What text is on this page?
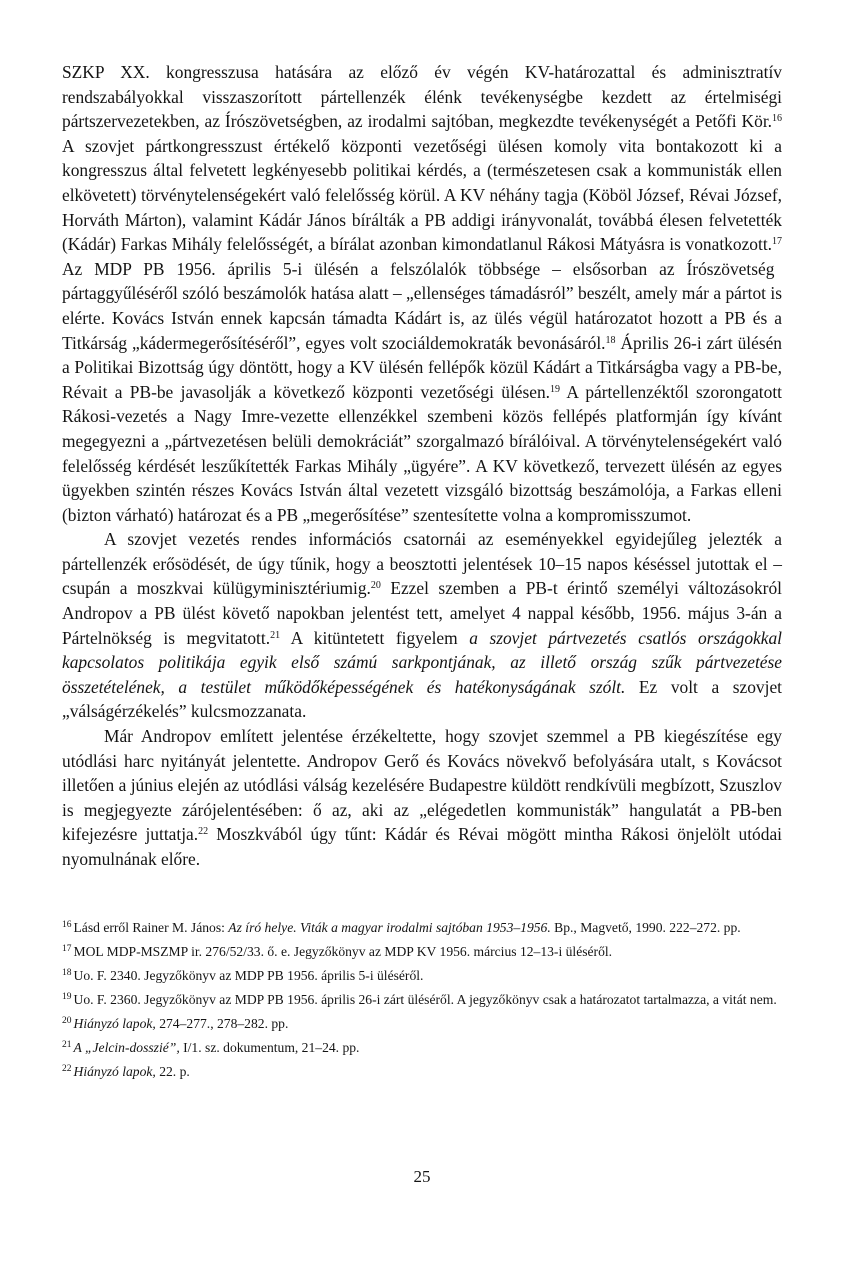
SZKP XX. kongresszusa hatására az előző év végén KV-határozattal és adminisztratív rendszabályokkal visszaszorított pártellenzék élénk tevékenységbe kezdett az értelmiségi pártszervezetekben, az Írószövetségben, az irodalmi sajtóban, megkezdte tevékenységét a Petőfi Kör.$^{16}$ A szovjet pártkongresszust értékelő központi vezetőségi ülésen komoly vita bontakozott ki a kongresszus által felvetett legkényesebb politikai kérdés, a (természetesen csak a kommunisták ellen elkövetett) törvénytelenségekért való felelősség körül. A KV néhány tagja (Köböl József, Révai József, Horváth Márton), valamint Kádár János bírálták a PB addigi irányvonalát, továbbá élesen felvetették (Kádár) Farkas Mihály felelősségét, a bírálat azonban kimondatlanul Rákosi Mátyásra is vonatkozott.$^{17}$ Az MDP PB 1956. április 5-i ülésén a felszólalók többsége – elsősorban az Írószövetség pártaggyűléséről szóló beszámolók hatása alatt – „ellenséges támadásról” beszélt, amely már a pártot is elérte. Kovács István ennek kapcsán támadta Kádárt is, az ülés végül határozatot hozott a PB és a Titkárság „kádermegerősítéséről”, egyes volt szociáldemokraták bevonásáról.$^{18}$ Április 26-i zárt ülésén a Politikai Bizottság úgy döntött, hogy a KV ülésén fellépők közül Kádárt a Titkárságba vagy a PB-be, Révait a PB-be javasolják a következő központi vezetőségi ülésen.$^{19}$ A pártellenzéktől szorongatott Rákosi-vezetés a Nagy Imre-vezette ellenzékkel szembeni közös fellépés platformján így kívánt megegyezni a „pártvezetésen belüli demokráciát” szorgalmazó bírálóival. A törvénytelenségekért való felelősség kérdését leszűkítették Farkas Mihály „ügyére”. A KV következő, tervezett ülésén az egyes ügyekben szintén részes Kovács István által vezetett vizsgáló bizottság beszámolója, a Farkas elleni (bizton várható) határozat és a PB „megerősítése” szentesítette volna a kompromisszumot.

A szovjet vezetés rendes információs csatornái az eseményekkel egyidejűleg jelezték a pártellenzék erősödését, de úgy tűnik, hogy a beosztotti jelentések 10–15 napos késéssel jutottak el – csupán a moszkvai külügyminisztériumig.$^{20}$ Ezzel szemben a PB-t érintő személyi változásokról Andropov a PB ülést követő napokban jelentést tett, amelyet 4 nappal később, 1956. május 3-án a Pártelnökség is megvitatott.$^{21}$ A kitüntetett figyelem a szovjet pártvezetés csatlós országokkal kapcsolatos politikája egyik első számú sarkpontjának, az illető ország szűk pártvezetése összetételének, a testület működőképességének és hatékonyságának szólt. Ez volt a szovjet „válságérzékelés” kulcsmozzanata.

Már Andropov említett jelentése érzékeltette, hogy szovjet szemmel a PB kiegészítése egy utódlási harc nyitányát jelentette. Andropov Gerő és Kovács növekvő befolyására utalt, s Kovácsot illetően a június elején az utódlási válság kezelésére Budapestre küldött rendkívüli megbízott, Szuszlov is megjegyezte zárójelentésében: ő az, aki az „elégedetlen kommunisták” hangulatát a PB-ben kifejezésre juttatja.$^{22}$ Moszkvából úgy tűnt: Kádár és Révai mögött mintha Rákosi önjelölt utódai nyomulnának előre.

$^{16}$ Lásd erről Rainer M. János: Az író helye. Viták a magyar irodalmi sajtóban 1953–1956. Bp., Magvető, 1990. 222–272. pp.

$^{17}$ MOL MDP-MSZMP ir. 276/52/33. ő. e. Jegyzőkönyv az MDP KV 1956. március 12–13-i üléséről.

$^{18}$ Uo. F. 2340. Jegyzőkönyv az MDP PB 1956. április 5-i üléséről.

$^{19}$ Uo. F. 2360. Jegyzőkönyv az MDP PB 1956. április 26-i zárt üléséről. A jegyzőkönyv csak a határozatot tartalmazza, a vitát nem.

$^{20}$ Hiányzó lapok, 274–277., 278–282. pp.

$^{21}$ A „Jelcin-dosszié”, I/1. sz. dokumentum, 21–24. pp.

$^{22}$ Hiányzó lapok, 22. p.

25
